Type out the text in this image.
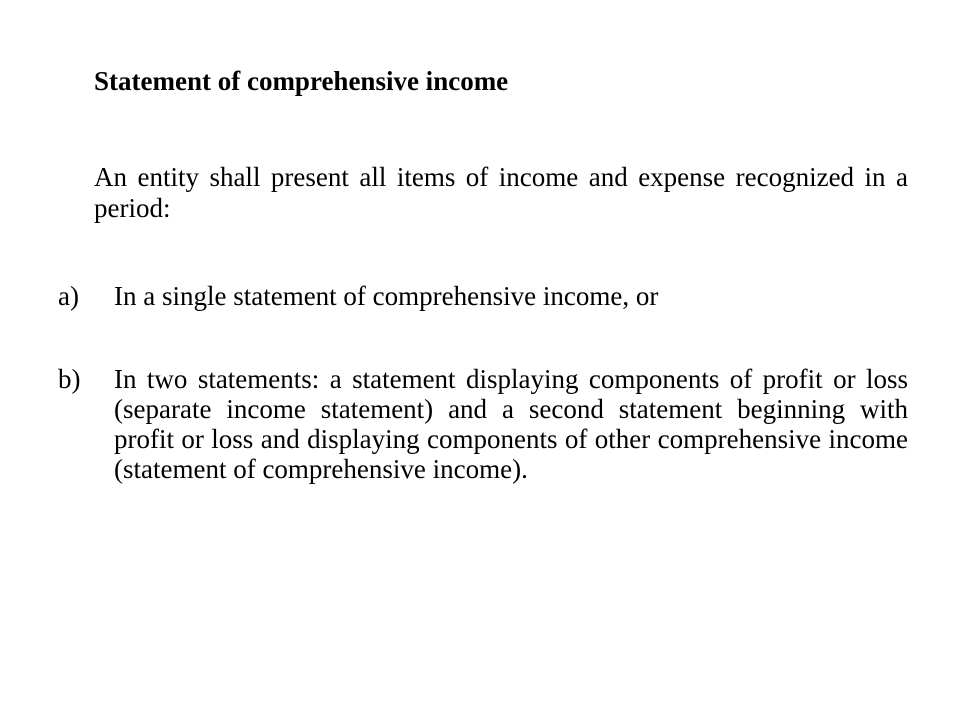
Statement of comprehensive income
An entity shall present all items of income and expense recognized in a period:
a)	In a single statement of comprehensive income, or
b)	In two statements: a statement displaying components of profit or loss (separate income statement) and a second statement beginning with profit or loss and displaying components of other comprehensive income (statement of comprehensive income).
